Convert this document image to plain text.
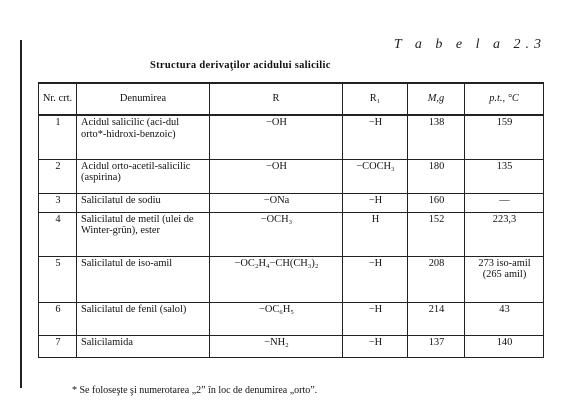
T a b e l a 2.3
Structura derivaţilor acidului salicilic
Nr. crt.	Denumirea	R	R₁	M,g	p.t., °C
1	Acidul salicilic (aci-dul orto*-hidroxi-benzoic)	−OH	−H	138	159
2	Acidul orto-acetil-salicilic (aspirina)	−OH	−COCH₃	180	135
3	Salicilatul de sodiu	−ONa	−H	160	—
4	Salicilatul de metil (ulei de Winter-grün), ester	−OCH₃	H	152	223,3
5	Salicilatul de iso-amil	−OC₂H₄−CH(CH₃)₂	−H	208	273 iso-amil (265 amil)
6	Salicilatul de fenil (salol)	−OC₆H₅	−H	214	43
7	Salicilamida	−NH₂	−H	137	140
* Se foloseşte şi numerotarea „2” în loc de denumirea „orto”.
